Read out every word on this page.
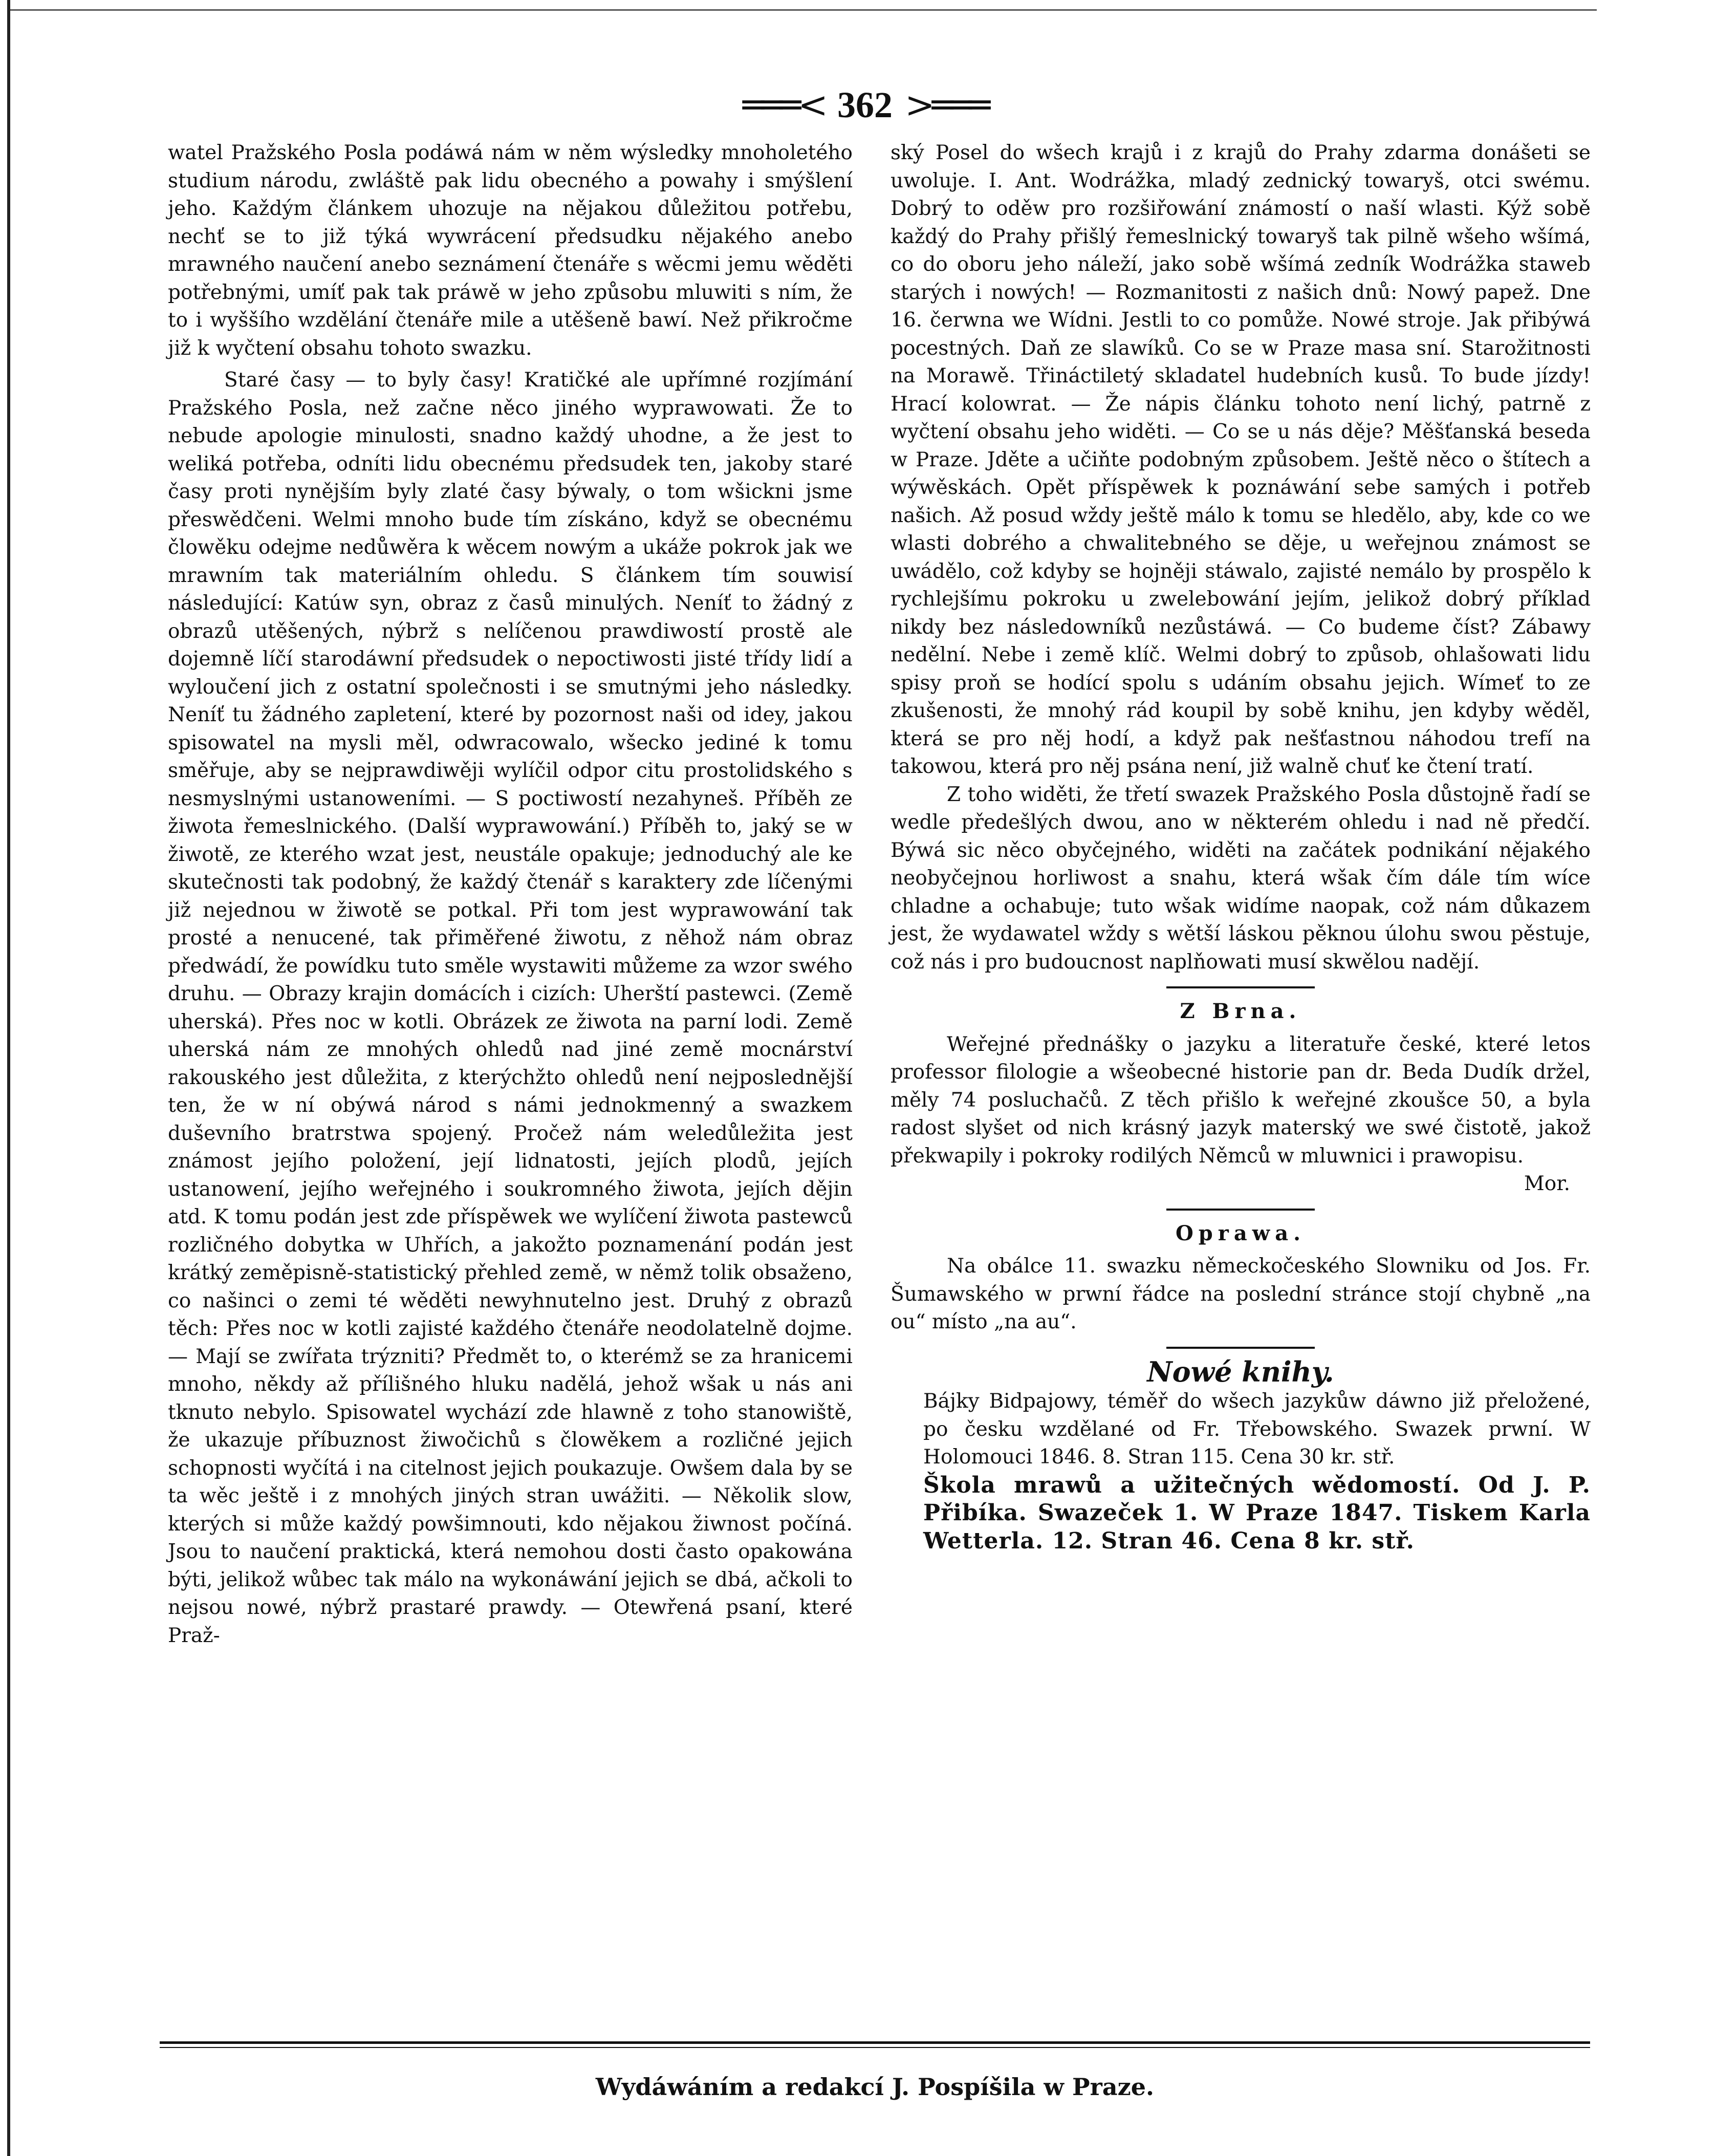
═══< 362 >═══

watel Pražského Posla podáwá nám w něm wýsledky mnoholetého studium národu, zwláště pak lidu obecného a powahy i smýšlení jeho. Každým článkem uhozuje na nějakou důležitou potřebu, nechť se to již týká wywrácení předsudku nějakého anebo mrawného naučení anebo seznámení čtenáře s wěcmi jemu wěděti potřebnými, umíť pak tak práwě w jeho způsobu mluwiti s ním, že to i wyššího wzdělání čtenáře mile a utěšeně bawí. Než přikročme již k wyčtení obsahu tohoto swazku.

Staré časy — to byly časy! Kratičké ale upřímné rozjímání Pražského Posla, než začne něco jiného wyprawowati. Že to nebude apologie minulosti, snadno každý uhodne, a že jest to weliká potřeba, odníti lidu obecnému předsudek ten, jakoby staré časy proti nynějším byly zlaté časy býwaly, o tom wšickni jsme přeswědčeni. Welmi mnoho bude tím získáno, když se obecnému člowěku odejme nedůwěra k wěcem nowým a ukáže pokrok jak we mrawním tak materiálním ohledu. S článkem tím souwisí následující: Katúw syn, obraz z časů minulých. Neníť to žádný z obrazů utěšených, nýbrž s nelíčenou prawdiwostí prostě ale dojemně líčí starodáwní předsudek o nepoctiwosti jisté třídy lidí a wyloučení jich z ostatní společnosti i se smutnými jeho následky. Neníť tu žádného zapletení, které by pozornost naši od idey, jakou spisowatel na mysli měl, odwracowalo, wšecko jediné k tomu směřuje, aby se nejprawdiwěji wylíčil odpor citu prostolidského s nesmyslnými ustanoweními. — S poctiwostí nezahyneš. Příběh ze žiwota řemeslnického. (Další wyprawowání.) Příběh to, jaký se w žiwotě, ze kterého wzat jest, neustále opakuje; jednoduchý ale ke skutečnosti tak podobný, že každý čtenář s karaktery zde líčenými již nejednou w žiwotě se potkal. Při tom jest wyprawowání tak prosté a nenucené, tak přiměřené žiwotu, z něhož nám obraz předwádí, že powídku tuto směle wystawiti můžeme za wzor swého druhu. — Obrazy krajin domácích i cizích: Uherští pastewci. (Země uherská). Přes noc w kotli. Obrázek ze žiwota na parní lodi. Země uherská nám ze mnohých ohledů nad jiné země mocnárství rakouského jest důležita, z kterýchžto ohledů není nejposlednější ten, že w ní obýwá národ s námi jednokmenný a swazkem duševního bratrstwa spojený. Pročež nám weledůležita jest známost jejího položení, její lidnatosti, jejích plodů, jejích ustanowení, jejího weřejného i soukromného žiwota, jejích dějin atd. K tomu podán jest zde příspěwek we wylíčení žiwota pastewců rozličného dobytka w Uhřích, a jakožto poznamenání podán jest krátký zeměpisně-statistický přehled země, w němž tolik obsaženo, co našinci o zemi té wěděti newyhnutelno jest. Druhý z obrazů těch: Přes noc w kotli zajisté každého čtenáře neodolatelně dojme. — Mají se zwířata trýzniti? Předmět to, o kterémž se za hranicemi mnoho, někdy až přílišného hluku nadělá, jehož wšak u nás ani tknuto nebylo. Spisowatel wychází zde hlawně z toho stanowiště, že ukazuje příbuznost žiwočichů s člowěkem a rozličné jejich schopnosti wyčítá i na citelnost jejich poukazuje. Owšem dala by se ta wěc ještě i z mnohých jiných stran uwážiti. — Několik slow, kterých si může každý powšimnouti, kdo nějakou žiwnost počíná. Jsou to naučení praktická, která nemohou dosti často opakowána býti, jelikož wůbec tak málo na wykonáwání jejich se dbá, ačkoli to nejsou nowé, nýbrž prastaré prawdy. — Otewřená psaní, které Praž-

ský Posel do wšech krajů i z krajů do Prahy zdarma donášeti se uwoluje. I. Ant. Wodrážka, mladý zednický towaryš, otci swému. Dobrý to oděw pro rozšiřowání známostí o naší wlasti. Kýž sobě každý do Prahy přišlý řemeslnický towaryš tak pilně wšeho wšímá, co do oboru jeho náleží, jako sobě wšímá zedník Wodrážka staweb starých i nowých! — Rozmanitosti z našich dnů: Nowý papež. Dne 16. čerwna we Wídni. Jestli to co pomůže. Nowé stroje. Jak přibýwá pocestných. Daň ze slawíků. Co se w Praze masa sní. Starožitnosti na Morawě. Třináctiletý skladatel hudebních kusů. To bude jízdy! Hrací kolowrat. — Že nápis článku tohoto není lichý, patrně z wyčtení obsahu jeho widěti. — Co se u nás děje? Měšťanská beseda w Praze. Jděte a učiňte podobným způsobem. Ještě něco o štítech a wýwěskách. Opět příspěwek k poznáwání sebe samých i potřeb našich. Až posud wždy ještě málo k tomu se hledělo, aby, kde co we wlasti dobrého a chwalitebného se děje, u weřejnou známost se uwádělo, což kdyby se hojněji stáwalo, zajisté nemálo by prospělo k rychlejšímu pokroku u zwelebowání jejím, jelikož dobrý příklad nikdy bez následowníků nezůstáwá. — Co budeme číst? Zábawy nedělní. Nebe i země klíč. Welmi dobrý to způsob, ohlašowati lidu spisy proň se hodící spolu s udáním obsahu jejich. Wímeť to ze zkušenosti, že mnohý rád koupil by sobě knihu, jen kdyby wěděl, která se pro něj hodí, a když pak nešťastnou náhodou trefí na takowou, která pro něj psána není, již walně chuť ke čtení tratí.

Z toho widěti, že třetí swazek Pražského Posla důstojně řadí se wedle předešlých dwou, ano w některém ohledu i nad ně předčí. Býwá sic něco obyčejného, widěti na začátek podnikání nějakého neobyčejnou horliwost a snahu, která wšak čím dále tím wíce chladne a ochabuje; tuto wšak widíme naopak, což nám důkazem jest, že wydawatel wždy s wětší láskou pěknou úlohu swou pěstuje, což nás i pro budoucnost naplňowati musí skwělou nadějí.

Z Brna.

Weřejné přednášky o jazyku a literatuře české, které letos professor filologie a wšeobecné historie pan dr. Beda Dudík držel, měly 74 posluchačů. Z těch přišlo k weřejné zkoušce 50, a byla radost slyšet od nich krásný jazyk materský we swé čistotě, jakož překwapily i pokroky rodilých Němců w mluwnici i prawopisu.

Mor.
Oprawa.

Na obálce 11. swazku německočeského Slowniku od Jos. Fr. Šumawského w prwní řádce na poslední stránce stojí chybně „na ou“ místo „na au“.

Nowé knihy.

Bájky Bidpajowy, téměř do wšech jazykůw dáwno již přeložené, po česku wzdělané od Fr. Třebowského. Swazek prwní. W Holomouci 1846. 8. Stran 115. Cena 30 kr. stř.

Škola mrawů a užitečných wědomostí. Od J. P. Přibíka. Swazeček 1. W Praze 1847. Tiskem Karla Wetterla. 12. Stran 46. Cena 8 kr. stř.

Wydáwáním a redakcí J. Pospíšila w Praze.
